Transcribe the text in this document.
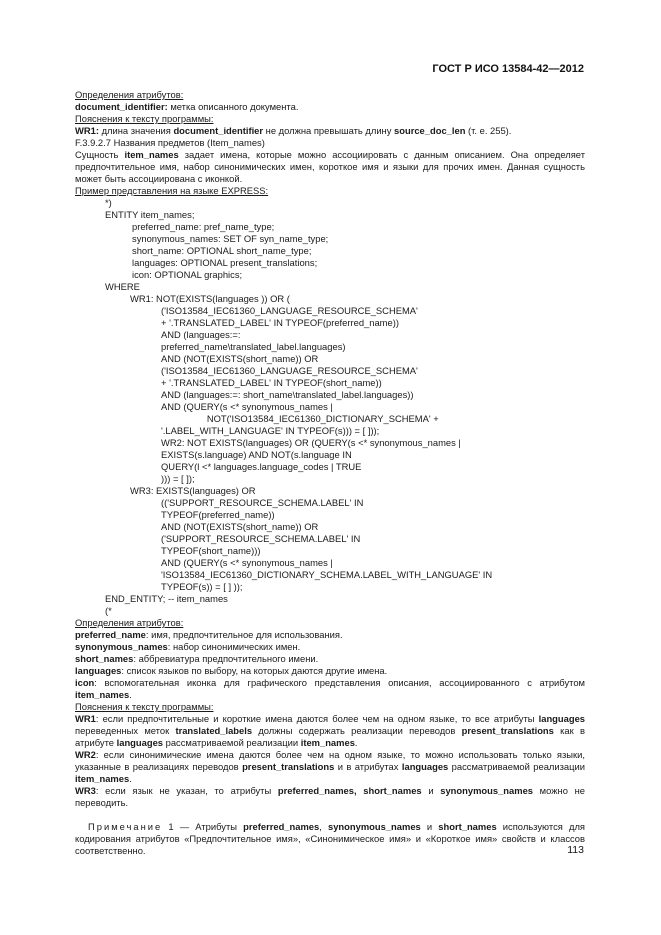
ГОСТ Р ИСО 13584-42—2012

Определения атрибутов:

document_identifier: метка описанного документа.

Пояснения к тексту программы:

WR1: длина значения document_identifier не должна превышать длину source_doc_len (т. е. 255).

F.3.9.2.7 Названия предметов (Item_names)

Сущность item_names задает имена, которые можно ассоциировать с данным описанием. Она определяет предпочтительное имя, набор синонимических имен, короткое имя и языки для прочих имен. Данная сущность может быть ассоциирована с иконкой.

Пример представления на языке EXPRESS:

*)
ENTITY item_names;
preferred_name: pref_name_type;
synonymous_names: SET OF syn_name_type;
short_name: OPTIONAL short_name_type;
languages: OPTIONAL present_translations;
icon: OPTIONAL graphics;
WHERE
WR1: NOT(EXISTS(languages )) OR (
('ISO13584_IEC61360_LANGUAGE_RESOURCE_SCHEMA'
+ '.TRANSLATED_LABEL' IN TYPEOF(preferred_name))
AND (languages:=:
preferred_name\translated_label.languages)
AND (NOT(EXISTS(short_name)) OR
('ISO13584_IEC61360_LANGUAGE_RESOURCE_SCHEMA'
+ '.TRANSLATED_LABEL' IN TYPEOF(short_name))
AND (languages:=: short_name\translated_label.languages))
AND (QUERY(s <* synonymous_names |
NOT('ISO13584_IEC61360_DICTIONARY_SCHEMA' +
'.LABEL_WITH_LANGUAGE' IN TYPEOF(s))) = [ ]));
WR2: NOT EXISTS(languages) OR (QUERY(s <* synonymous_names |
EXISTS(s.language) AND NOT(s.language IN
QUERY(l <* languages.language_codes | TRUE
))) = [ ]);
WR3: EXISTS(languages) OR
(('SUPPORT_RESOURCE_SCHEMA.LABEL' IN
TYPEOF(preferred_name))
AND (NOT(EXISTS(short_name)) OR
('SUPPORT_RESOURCE_SCHEMA.LABEL' IN
TYPEOF(short_name)))
AND (QUERY(s <* synonymous_names |
'ISO13584_IEC61360_DICTIONARY_SCHEMA.LABEL_WITH_LANGUAGE' IN
TYPEOF(s)) = [ ] ));
END_ENTITY; -- item_names
(*

Определения атрибутов:

preferred_name: имя, предпочтительное для использования.

synonymous_names: набор синонимических имен.

short_names: аббревиатура предпочтительного имени.

languages: список языков по выбору, на которых даются другие имена.

icon: вспомогательная иконка для графического представления описания, ассоциированного с атрибутом item_names.

Пояснения к тексту программы:

WR1: если предпочтительные и короткие имена даются более чем на одном языке, то все атрибуты languages переведенных меток translated_labels должны содержать реализации переводов present_translations как в атрибуте languages рассматриваемой реализации item_names.

WR2: если синонимические имена даются более чем на одном языке, то можно использовать только языки, указанные в реализациях переводов present_translations и в атрибутах languages рассматриваемой реализации item_names.

WR3: если язык не указан, то атрибуты preferred_names, short_names и synonymous_names можно не переводить.

Примечание 1 — Атрибуты preferred_names, synonymous_names и short_names используются для кодирования атрибутов «Предпочтительное имя», «Синонимическое имя» и «Короткое имя» свойств и классов соответственно.	113
